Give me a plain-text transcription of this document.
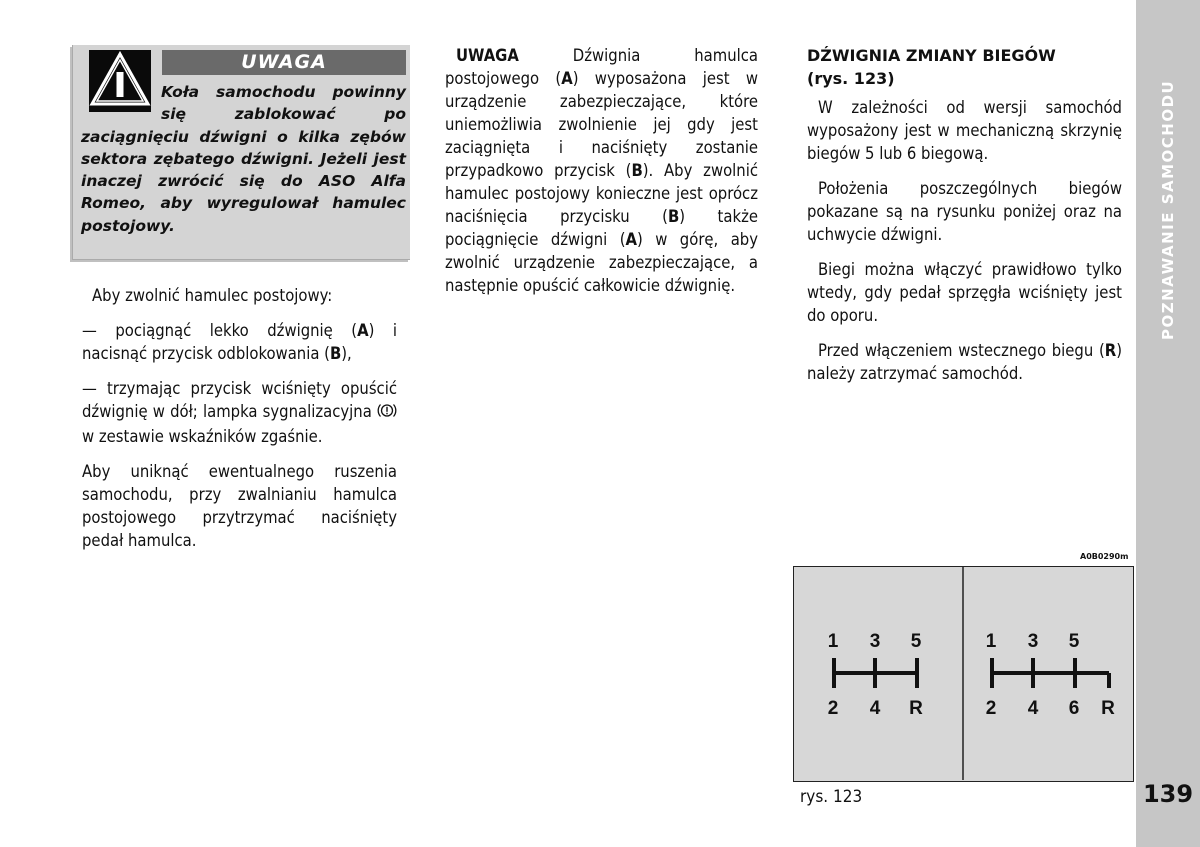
UWAGA
Koła samochodu powinny się zablokować po zaciągnięciu dźwigni o kilka zębów sektora zębatego dźwigni. Jeżeli jest inaczej zwrócić się do ASO Alfa Romeo, aby wyregulował hamulec postojowy.

Aby zwolnić hamulec postojowy:

— pociągnąć lekko dźwignię (A) i nacisnąć przycisk odblokowania (B),

— trzymając przycisk wciśnięty opuścić dźwignię w dół; lampka sygnalizacyjna  w zestawie wskaźników zgaśnie.

Aby uniknąć ewentualnego ruszenia samochodu, przy zwalnianiu hamulca postojowego przytrzymać naciśnięty pedał hamulca.

UWAGA Dźwignia hamulca postojowego (A) wyposażona jest w urządzenie zabezpieczające, które uniemożliwia zwolnienie jej gdy jest zaciągnięta i naciśnięty zostanie przypadkowo przycisk (B). Aby zwolnić hamulec postojowy konieczne jest oprócz naciśnięcia przycisku (B) także pociągnięcie dźwigni (A) w górę, aby zwolnić urządzenie zabezpieczające, a następnie opuścić całkowicie dźwignię.

DŹWIGNIA ZMIANY BIEGÓW
(rys. 123)

W zależności od wersji samochód wyposażony jest w mechaniczną skrzynię biegów 5 lub 6 biegową.

Położenia poszczególnych biegów pokazane są na rysunku poniżej oraz na uchwycie dźwigni.

Biegi można włączyć prawidłowo tylko wtedy, gdy pedał sprzęgła wciśnięty jest do oporu.

Przed włączeniem wstecznego biegu (R) należy zatrzymać samochód.

A0B0290m
1 3 5
2 4 R
1 3 5
2 4 6 R
rys. 123
POZNAWANIE SAMOCHODU
139
